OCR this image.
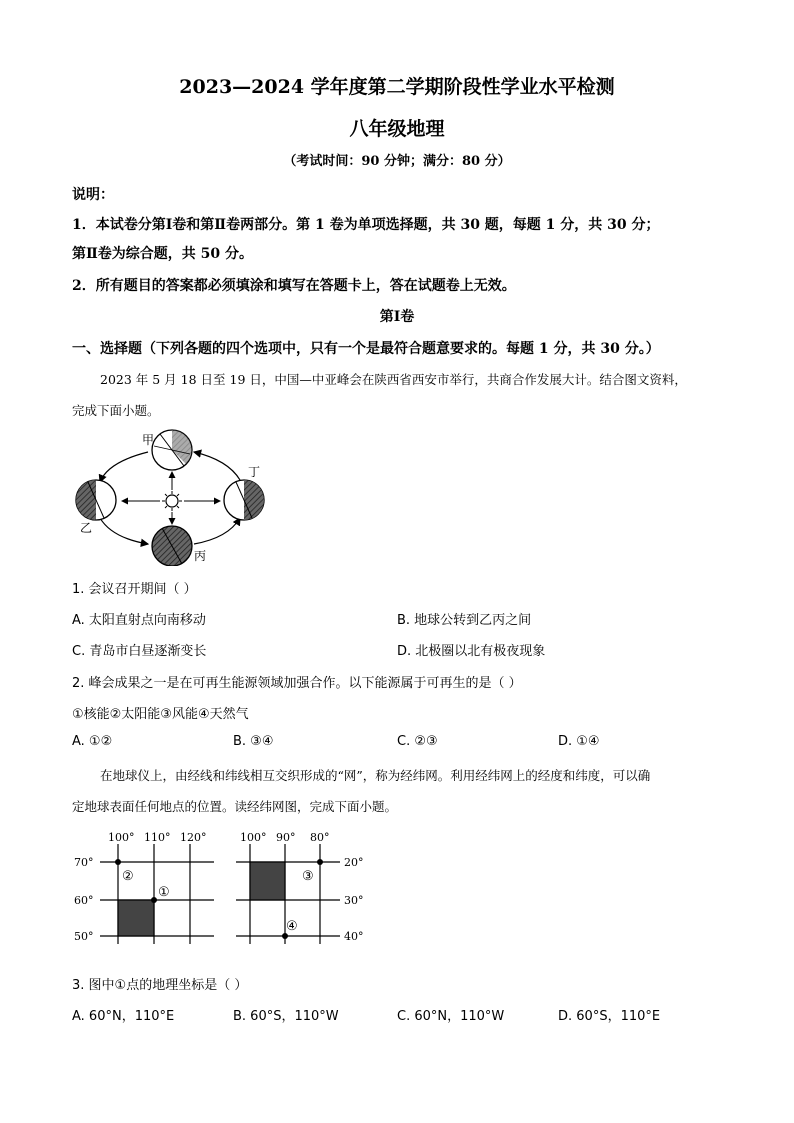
2023—2024 学年度第二学期阶段性学业水平检测
八年级地理
（考试时间：90 分钟；满分：80 分）
说明：
1．本试卷分第Ⅰ卷和第Ⅱ卷两部分。第 1 卷为单项选择题，共 30 题，每题 1 分，共 30 分；
第Ⅱ卷为综合题，共 50 分。
2．所有题目的答案都必须填涂和填写在答题卡上，答在试题卷上无效。
第Ⅰ卷
一、选择题（下列各题的四个选项中，只有一个是最符合题意要求的。每题 1 分，共 30 分。）
2023 年 5 月 18 日至 19 日，中国—中亚峰会在陕西省西安市举行，共商合作发展大计。结合图文资料，
完成下面小题。
甲
乙
丙
丁
1. 会议召开期间（ ）
A. 太阳直射点向南移动	B. 地球公转到乙丙之间
C. 青岛市白昼逐渐变长	D. 北极圈以北有极夜现象
2. 峰会成果之一是在可再生能源领域加强合作。以下能源属于可再生的是（ ）
①核能②太阳能③风能④天然气
A. ①②	B. ③④	C. ②③	D. ①④
在地球仪上，由经线和纬线相互交织形成的“网”，称为经纬网。利用经纬网上的经度和纬度，可以确
定地球表面任何地点的位置。读经纬网图，完成下面小题。
100° 110° 120°
70°
60°
50°
②
①
100° 90° 80°
20°
30°
40°
③
④
3. 图中①点的地理坐标是（ ）
A. 60°N，110°E	B. 60°S，110°W	C. 60°N，110°W	D. 60°S，110°E
